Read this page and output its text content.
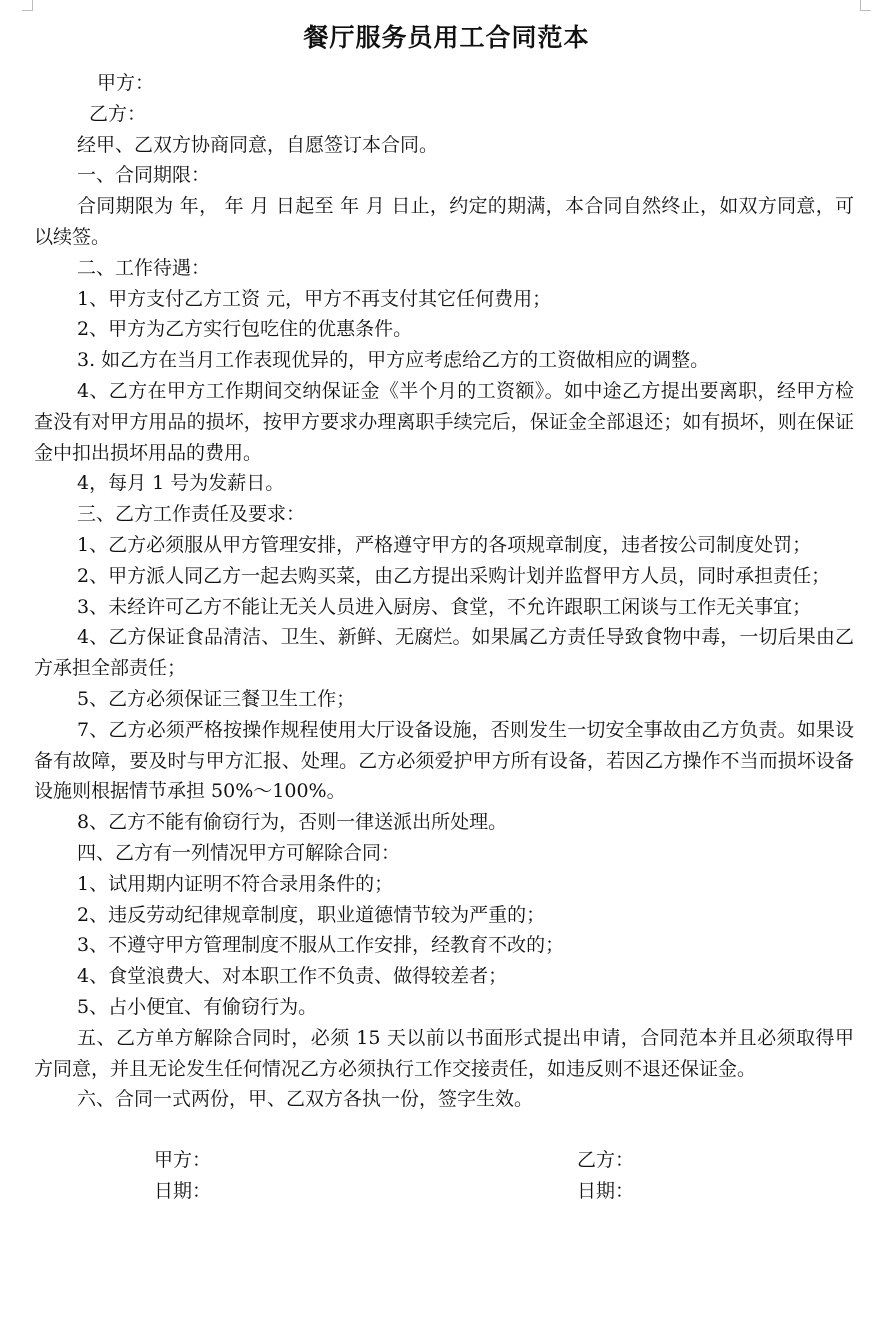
餐厅服务员用工合同范本

甲方：

乙方：

经甲、乙双方协商同意，自愿签订本合同。

一、合同期限：

合同期限为 年， 年 月 日起至 年 月 日止，约定的期满，本合同自然终止，如双方同意，可以续签。

二、工作待遇：

1、甲方支付乙方工资 元，甲方不再支付其它任何费用；

2、甲方为乙方实行包吃住的优惠条件。

3. 如乙方在当月工作表现优异的，甲方应考虑给乙方的工资做相应的调整。

4、乙方在甲方工作期间交纳保证金《半个月的工资额》。如中途乙方提出要离职，经甲方检查没有对甲方用品的损坏，按甲方要求办理离职手续完后，保证金全部退还；如有损坏，则在保证金中扣出损坏用品的费用。

4，每月 1 号为发薪日。

三、乙方工作责任及要求：

1、乙方必须服从甲方管理安排，严格遵守甲方的各项规章制度，违者按公司制度处罚；

2、甲方派人同乙方一起去购买菜，由乙方提出采购计划并监督甲方人员，同时承担责任；

3、未经许可乙方不能让无关人员进入厨房、食堂，不允许跟职工闲谈与工作无关事宜；

4、乙方保证食品清洁、卫生、新鲜、无腐烂。如果属乙方责任导致食物中毒，一切后果由乙方承担全部责任；

5、乙方必须保证三餐卫生工作；

7、乙方必须严格按操作规程使用大厅设备设施，否则发生一切安全事故由乙方负责。如果设备有故障，要及时与甲方汇报、处理。乙方必须爱护甲方所有设备，若因乙方操作不当而损坏设备设施则根据情节承担 50%～100%。

8、乙方不能有偷窃行为，否则一律送派出所处理。

四、乙方有一列情况甲方可解除合同：

1、试用期内证明不符合录用条件的；

2、违反劳动纪律规章制度，职业道德情节较为严重的；

3、不遵守甲方管理制度不服从工作安排，经教育不改的；

4、食堂浪费大、对本职工作不负责、做得较差者；

5、占小便宜、有偷窃行为。

五、乙方单方解除合同时，必须 15 天以前以书面形式提出申请，合同范本并且必须取得甲方同意，并且无论发生任何情况乙方必须执行工作交接责任，如违反则不退还保证金。

六、合同一式两份，甲、乙双方各执一份，签字生效。

甲方：	乙方：
日期：	日期：
